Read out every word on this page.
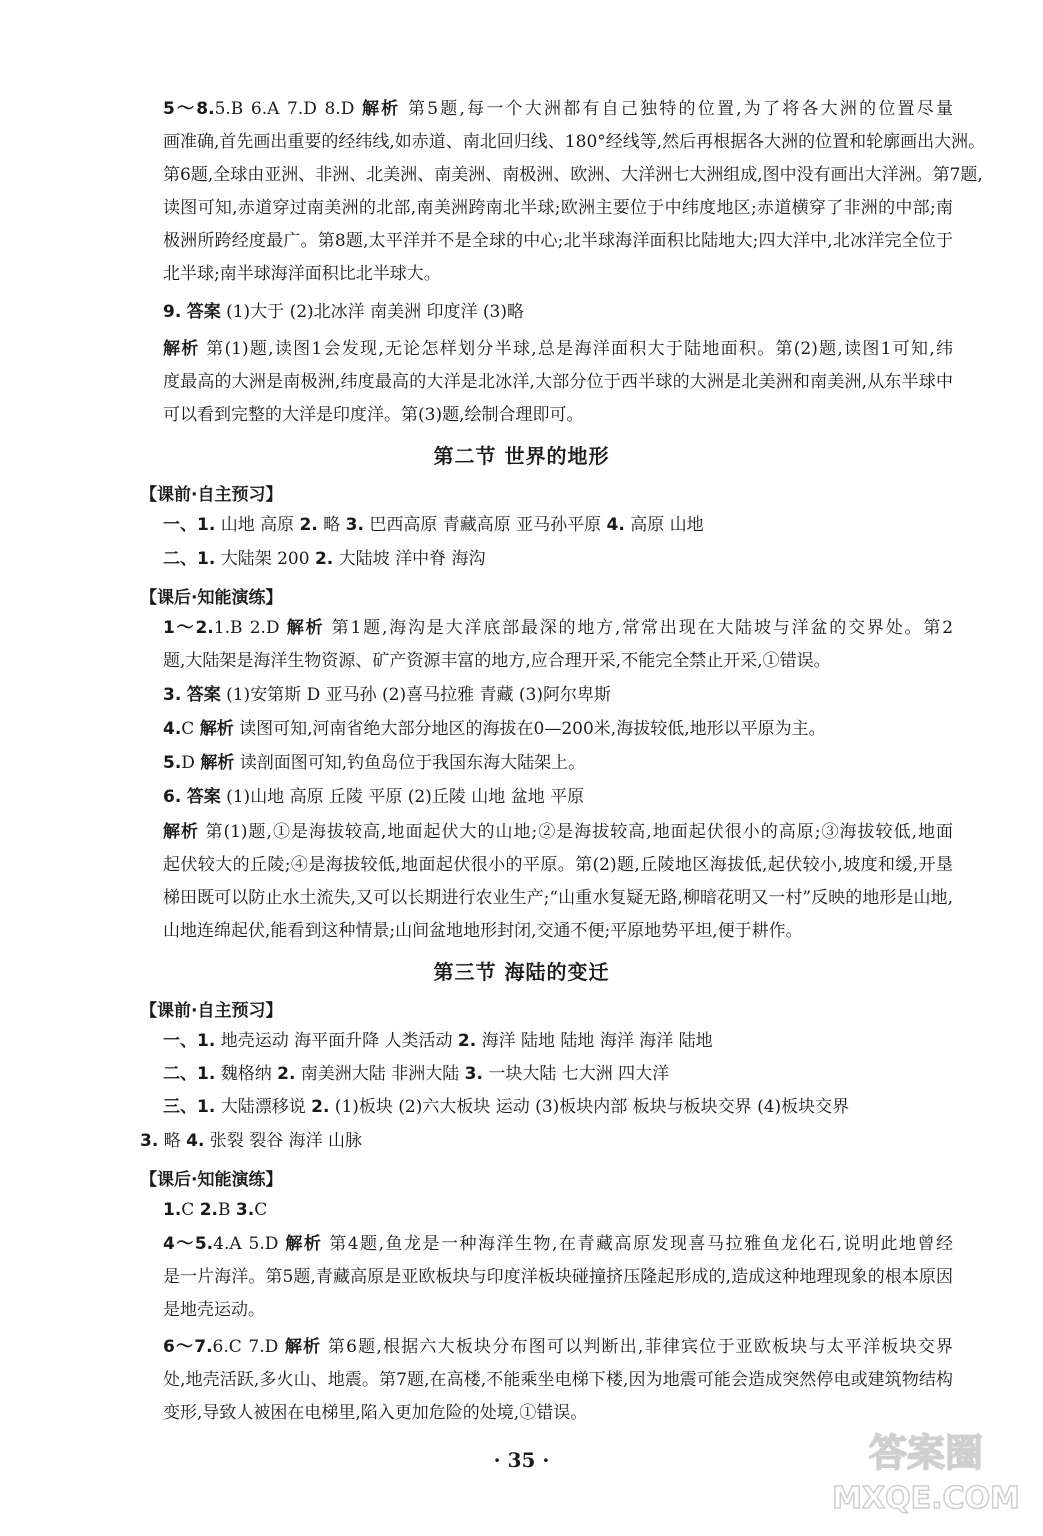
5～8.5.B 6.A 7.D 8.D 解析 第5题,每一个大洲都有自己独特的位置,为了将各大洲的位置尽量
画准确,首先画出重要的经纬线,如赤道、南北回归线、180°经线等,然后再根据各大洲的位置和轮廓画出大洲。
第6题,全球由亚洲、非洲、北美洲、南美洲、南极洲、欧洲、大洋洲七大洲组成,图中没有画出大洋洲。第7题,
读图可知,赤道穿过南美洲的北部,南美洲跨南北半球;欧洲主要位于中纬度地区;赤道横穿了非洲的中部;南
极洲所跨经度最广。第8题,太平洋并不是全球的中心;北半球海洋面积比陆地大;四大洋中,北冰洋完全位于
北半球;南半球海洋面积比北半球大。
9. 答案 (1)大于 (2)北冰洋 南美洲 印度洋 (3)略
解析 第(1)题,读图1会发现,无论怎样划分半球,总是海洋面积大于陆地面积。第(2)题,读图1可知,纬
度最高的大洲是南极洲,纬度最高的大洋是北冰洋,大部分位于西半球的大洲是北美洲和南美洲,从东半球中
可以看到完整的大洋是印度洋。第(3)题,绘制合理即可。
第二节 世界的地形
【课前·自主预习】
一、1. 山地 高原 2. 略 3. 巴西高原 青藏高原 亚马孙平原 4. 高原 山地
二、1. 大陆架 200 2. 大陆坡 洋中脊 海沟
【课后·知能演练】
1～2.1.B 2.D 解析 第1题,海沟是大洋底部最深的地方,常常出现在大陆坡与洋盆的交界处。第2
题,大陆架是海洋生物资源、矿产资源丰富的地方,应合理开采,不能完全禁止开采,①错误。
3. 答案 (1)安第斯 D 亚马孙 (2)喜马拉雅 青藏 (3)阿尔卑斯
4.C 解析 读图可知,河南省绝大部分地区的海拔在0—200米,海拔较低,地形以平原为主。
5.D 解析 读剖面图可知,钓鱼岛位于我国东海大陆架上。
6. 答案 (1)山地 高原 丘陵 平原 (2)丘陵 山地 盆地 平原
解析 第(1)题,①是海拔较高,地面起伏大的山地;②是海拔较高,地面起伏很小的高原;③海拔较低,地面
起伏较大的丘陵;④是海拔较低,地面起伏很小的平原。第(2)题,丘陵地区海拔低,起伏较小,坡度和缓,开垦
梯田既可以防止水土流失,又可以长期进行农业生产;“山重水复疑无路,柳暗花明又一村”反映的地形是山地,
山地连绵起伏,能看到这种情景;山间盆地地形封闭,交通不便;平原地势平坦,便于耕作。
第三节 海陆的变迁
【课前·自主预习】
一、1. 地壳运动 海平面升降 人类活动 2. 海洋 陆地 陆地 海洋 海洋 陆地
二、1. 魏格纳 2. 南美洲大陆 非洲大陆 3. 一块大陆 七大洲 四大洋
三、1. 大陆漂移说 2. (1)板块 (2)六大板块 运动 (3)板块内部 板块与板块交界 (4)板块交界
3. 略 4. 张裂 裂谷 海洋 山脉
【课后·知能演练】
1.C 2.B 3.C
4～5.4.A 5.D 解析 第4题,鱼龙是一种海洋生物,在青藏高原发现喜马拉雅鱼龙化石,说明此地曾经
是一片海洋。第5题,青藏高原是亚欧板块与印度洋板块碰撞挤压隆起形成的,造成这种地理现象的根本原因
是地壳运动。
6～7.6.C 7.D 解析 第6题,根据六大板块分布图可以判断出,菲律宾位于亚欧板块与太平洋板块交界
处,地壳活跃,多火山、地震。第7题,在高楼,不能乘坐电梯下楼,因为地震可能会造成突然停电或建筑物结构
变形,导致人被困在电梯里,陷入更加危险的处境,①错误。
· 35 ·	答案圈
MXQE.COM
